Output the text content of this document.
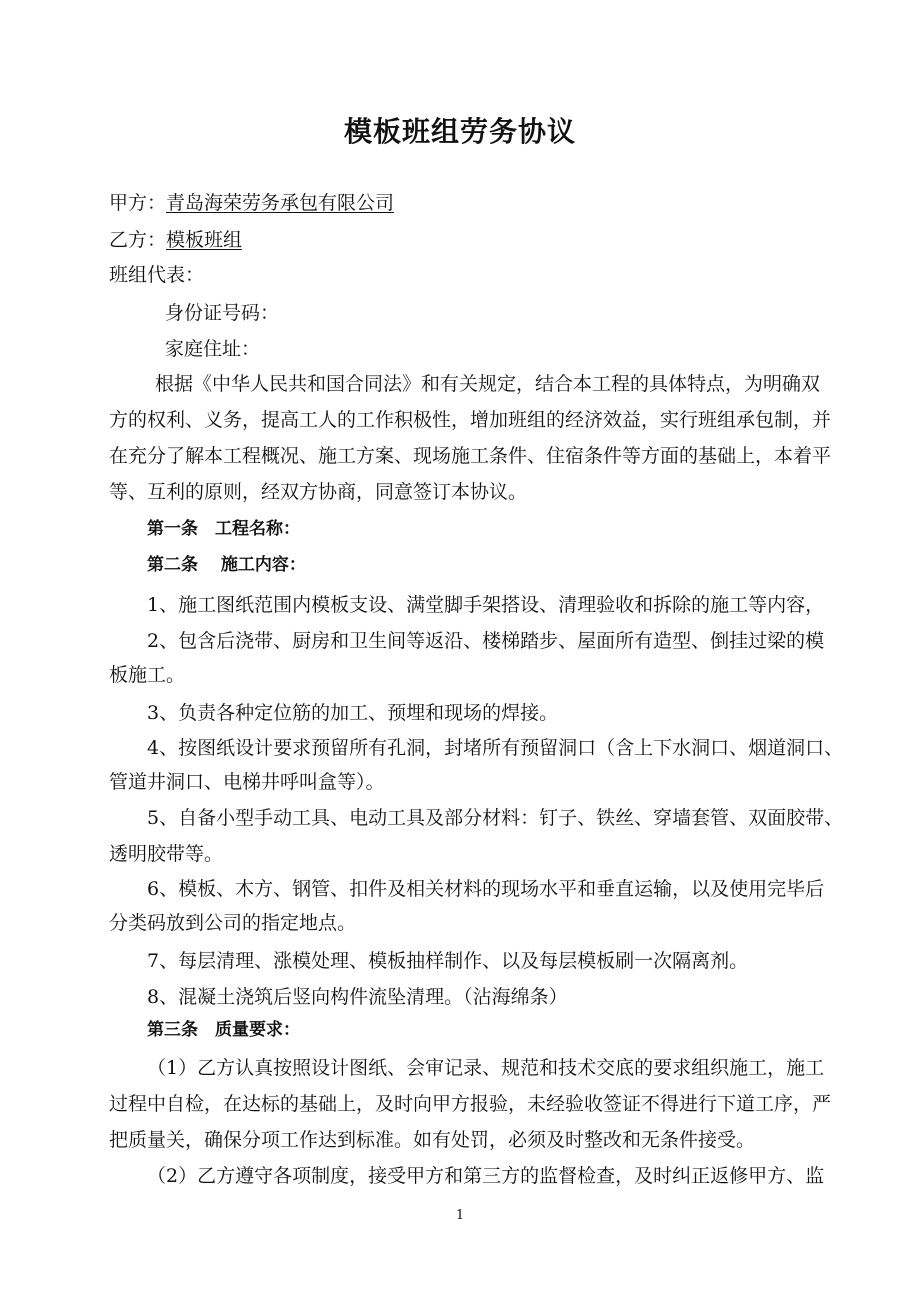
模板班组劳务协议
甲方：青岛海荣劳务承包有限公司
乙方：模板班组
班组代表：
身份证号码：
家庭住址：
根据《中华人民共和国合同法》和有关规定，结合本工程的具体特点，为明确双
方的权利、义务，提高工人的工作积极性，增加班组的经济效益，实行班组承包制，并
在充分了解本工程概况、施工方案、现场施工条件、住宿条件等方面的基础上，本着平
等、互利的原则，经双方协商，同意签订本协议。
第一条　工程名称：
第二条　 施工内容：
1、施工图纸范围内模板支设、满堂脚手架搭设、清理验收和拆除的施工等内容，
2、包含后浇带、厨房和卫生间等返沿、楼梯踏步、屋面所有造型、倒挂过梁的模
板施工。
3、负责各种定位筋的加工、预埋和现场的焊接。
4、按图纸设计要求预留所有孔洞，封堵所有预留洞口（含上下水洞口、烟道洞口、
管道井洞口、电梯井呼叫盒等）。
5、自备小型手动工具、电动工具及部分材料：钉子、铁丝、穿墙套管、双面胶带、
透明胶带等。
6、模板、木方、钢管、扣件及相关材料的现场水平和垂直运输，以及使用完毕后
分类码放到公司的指定地点。
7、每层清理、涨模处理、模板抽样制作、以及每层模板刷一次隔离剂。
8、混凝土浇筑后竖向构件流坠清理。（沾海绵条）
第三条　质量要求：
（1）乙方认真按照设计图纸、会审记录、规范和技术交底的要求组织施工，施工
过程中自检，在达标的基础上，及时向甲方报验，未经验收签证不得进行下道工序，严
把质量关，确保分项工作达到标准。如有处罚，必须及时整改和无条件接受。
（2）乙方遵守各项制度，接受甲方和第三方的监督检查，及时纠正返修甲方、监
1
